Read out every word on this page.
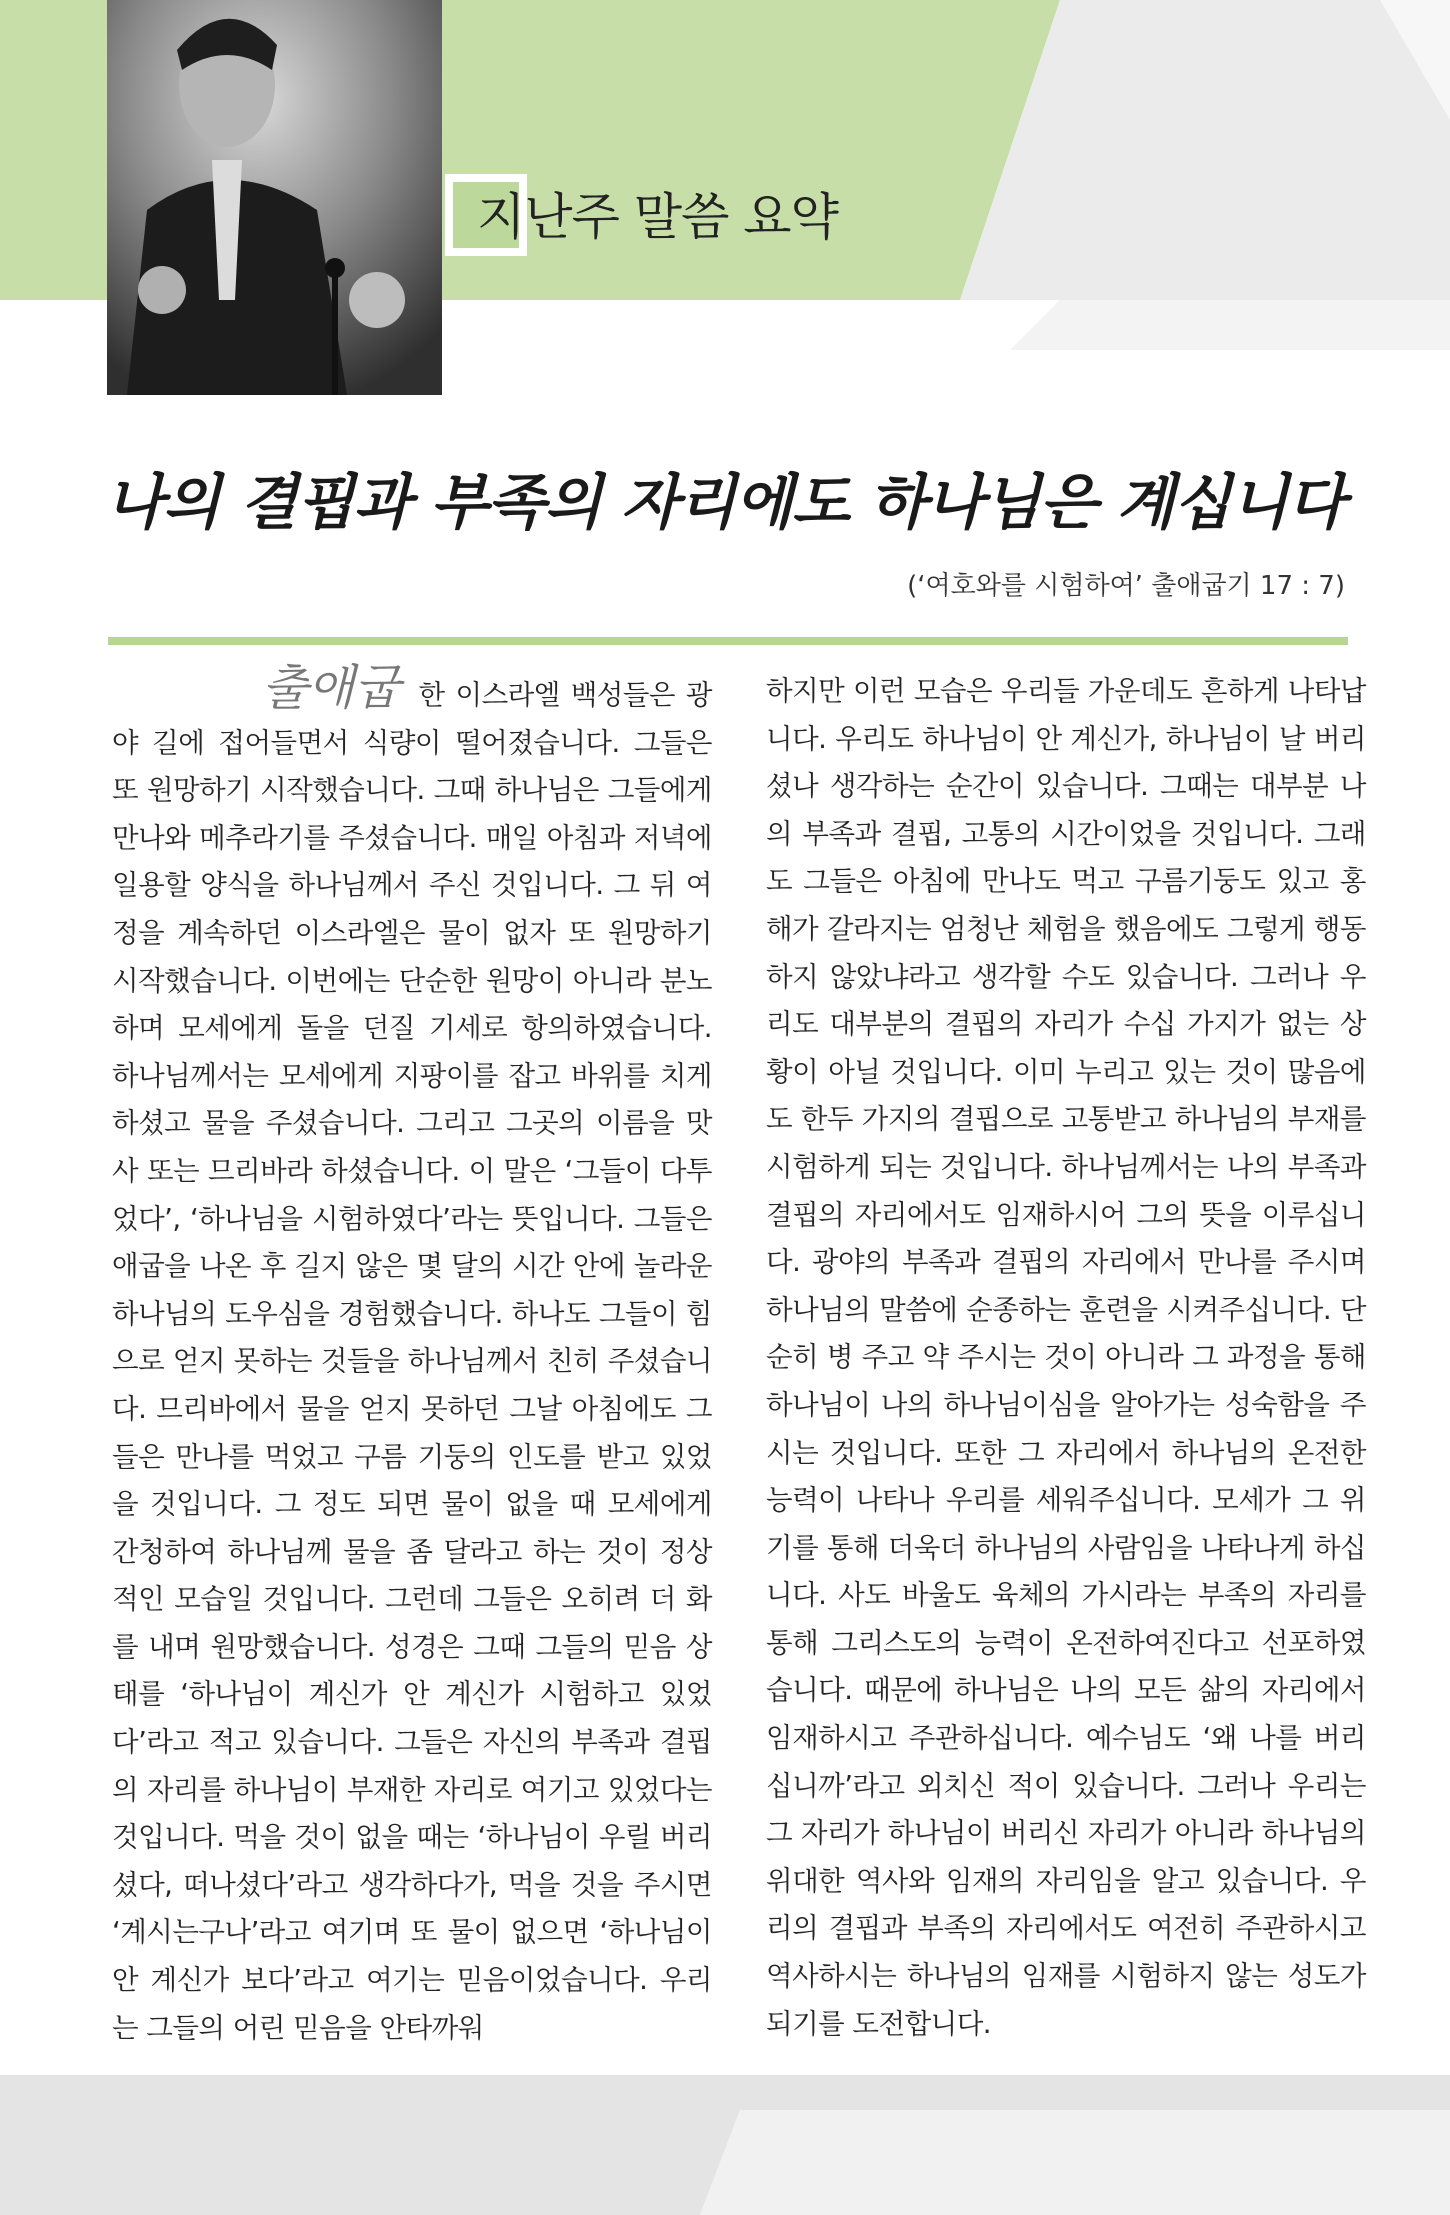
지난주 말씀 요약
나의 결핍과 부족의 자리에도 하나님은 계십니다
(‘여호와를 시험하여’ 출애굽기 17 : 7)
출애굽 한 이스라엘 백성들은 광야 길에 접어들면서 식량이 떨어졌습니다. 그들은 또 원망하기 시작했습니다. 그때 하나님은 그들에게 만나와 메추라기를 주셨습니다. 매일 아침과 저녁에 일용할 양식을 하나님께서 주신 것입니다. 그 뒤 여정을 계속하던 이스라엘은 물이 없자 또 원망하기 시작했습니다. 이번에는 단순한 원망이 아니라 분노하며 모세에게 돌을 던질 기세로 항의하였습니다. 하나님께서는 모세에게 지팡이를 잡고 바위를 치게 하셨고 물을 주셨습니다. 그리고 그곳의 이름을 맛사 또는 므리바라 하셨습니다. 이 말은 ‘그들이 다투었다’, ‘하나님을 시험하였다’라는 뜻입니다. 그들은 애굽을 나온 후 길지 않은 몇 달의 시간 안에 놀라운 하나님의 도우심을 경험했습니다. 하나도 그들이 힘으로 얻지 못하는 것들을 하나님께서 친히 주셨습니다. 므리바에서 물을 얻지 못하던 그날 아침에도 그들은 만나를 먹었고 구름 기둥의 인도를 받고 있었을 것입니다. 그 정도 되면 물이 없을 때 모세에게 간청하여 하나님께 물을 좀 달라고 하는 것이 정상적인 모습일 것입니다. 그런데 그들은 오히려 더 화를 내며 원망했습니다. 성경은 그때 그들의 믿음 상태를 ‘하나님이 계신가 안 계신가 시험하고 있었다’라고 적고 있습니다. 그들은 자신의 부족과 결핍의 자리를 하나님이 부재한 자리로 여기고 있었다는 것입니다. 먹을 것이 없을 때는 ‘하나님이 우릴 버리셨다, 떠나셨다’라고 생각하다가, 먹을 것을 주시면 ‘계시는구나’라고 여기며 또 물이 없으면 ‘하나님이 안 계신가 보다’라고 여기는 믿음이었습니다. 우리는 그들의 어린 믿음을 안타까워
하지만 이런 모습은 우리들 가운데도 흔하게 나타납니다. 우리도 하나님이 안 계신가, 하나님이 날 버리셨나 생각하는 순간이 있습니다. 그때는 대부분 나의 부족과 결핍, 고통의 시간이었을 것입니다. 그래도 그들은 아침에 만나도 먹고 구름기둥도 있고 홍해가 갈라지는 엄청난 체험을 했음에도 그렇게 행동하지 않았냐라고 생각할 수도 있습니다. 그러나 우리도 대부분의 결핍의 자리가 수십 가지가 없는 상황이 아닐 것입니다. 이미 누리고 있는 것이 많음에도 한두 가지의 결핍으로 고통받고 하나님의 부재를 시험하게 되는 것입니다. 하나님께서는 나의 부족과 결핍의 자리에서도 임재하시어 그의 뜻을 이루십니다. 광야의 부족과 결핍의 자리에서 만나를 주시며 하나님의 말씀에 순종하는 훈련을 시켜주십니다. 단순히 병 주고 약 주시는 것이 아니라 그 과정을 통해 하나님이 나의 하나님이심을 알아가는 성숙함을 주시는 것입니다. 또한 그 자리에서 하나님의 온전한 능력이 나타나 우리를 세워주십니다. 모세가 그 위기를 통해 더욱더 하나님의 사람임을 나타나게 하십니다. 사도 바울도 육체의 가시라는 부족의 자리를 통해 그리스도의 능력이 온전하여진다고 선포하였습니다. 때문에 하나님은 나의 모든 삶의 자리에서 임재하시고 주관하십니다. 예수님도 ‘왜 나를 버리십니까’라고 외치신 적이 있습니다. 그러나 우리는 그 자리가 하나님이 버리신 자리가 아니라 하나님의 위대한 역사와 임재의 자리임을 알고 있습니다. 우리의 결핍과 부족의 자리에서도 여전히 주관하시고 역사하시는 하나님의 임재를 시험하지 않는 성도가 되기를 도전합니다.
